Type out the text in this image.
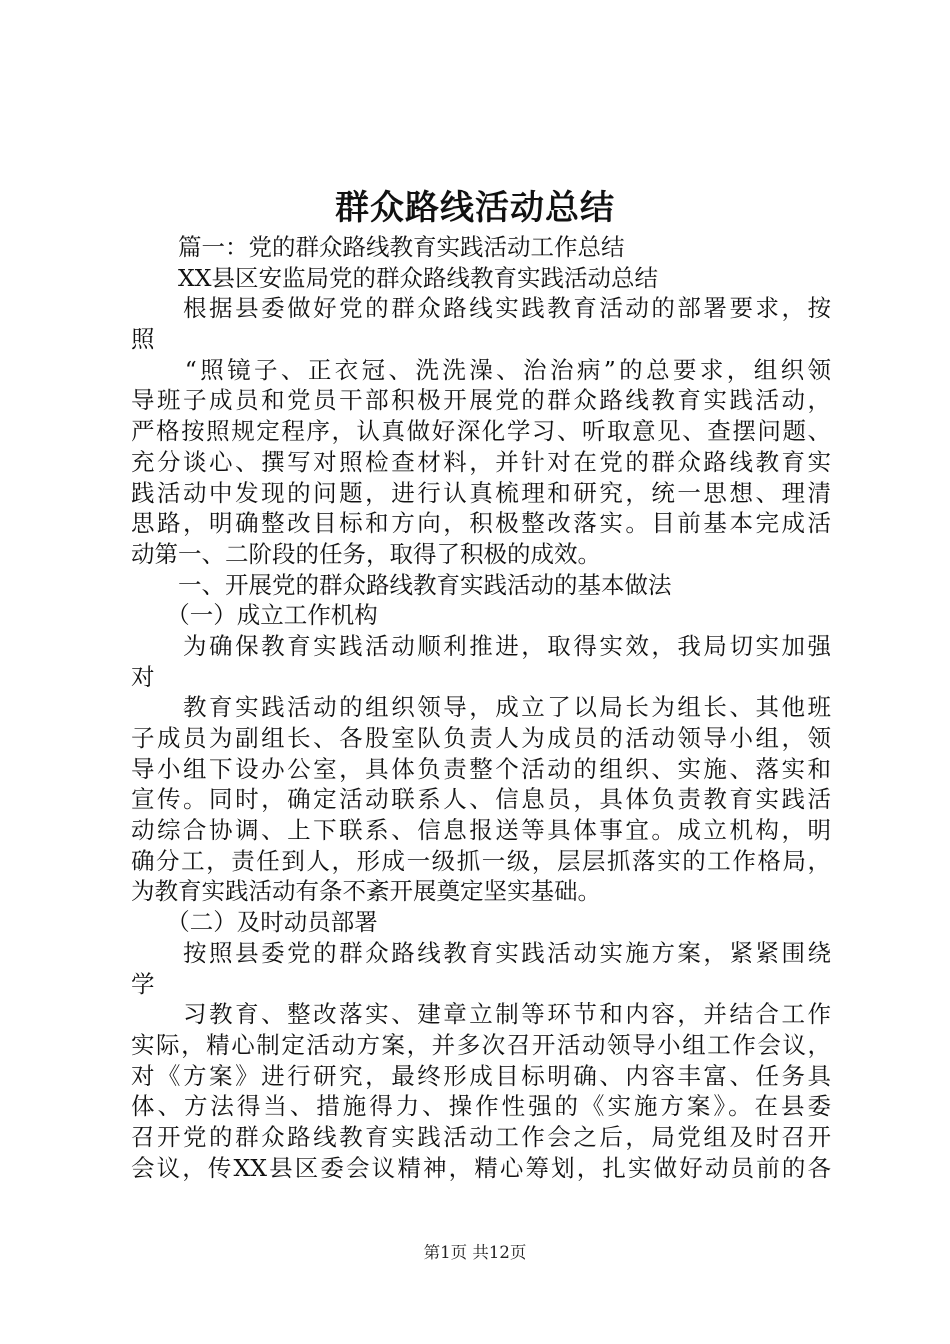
群众路线活动总结
　　篇一：党的群众路线教育实践活动工作总结
　　XX县区安监局党的群众路线教育实践活动总结
　　根据县委做好党的群众路线实践教育活动的部署要求，按
照
　　“照镜子、正衣冠、洗洗澡、治治病”的总要求，组织领
导班子成员和党员干部积极开展党的群众路线教育实践活动，
严格按照规定程序，认真做好深化学习、听取意见、查摆问题、
充分谈心、撰写对照检查材料，并针对在党的群众路线教育实
践活动中发现的问题，进行认真梳理和研究，统一思想、理清
思路，明确整改目标和方向，积极整改落实。目前基本完成活
动第一、二阶段的任务，取得了积极的成效。
　　一、开展党的群众路线教育实践活动的基本做法
　　（一）成立工作机构
　　为确保教育实践活动顺利推进，取得实效，我局切实加强
对
　　教育实践活动的组织领导，成立了以局长为组长、其他班
子成员为副组长、各股室队负责人为成员的活动领导小组，领
导小组下设办公室，具体负责整个活动的组织、实施、落实和
宣传。同时，确定活动联系人、信息员，具体负责教育实践活
动综合协调、上下联系、信息报送等具体事宜。成立机构，明
确分工，责任到人，形成一级抓一级，层层抓落实的工作格局，
为教育实践活动有条不紊开展奠定坚实基础。
　　（二）及时动员部署
　　按照县委党的群众路线教育实践活动实施方案，紧紧围绕
学
　　习教育、整改落实、建章立制等环节和内容，并结合工作
实际，精心制定活动方案，并多次召开活动领导小组工作会议，
对《方案》进行研究，最终形成目标明确、内容丰富、任务具
体、方法得当、措施得力、操作性强的《实施方案》。在县委
召开党的群众路线教育实践活动工作会之后，局党组及时召开
会议，传XX县区委会议精神，精心筹划，扎实做好动员前的各
第1页 共12页
